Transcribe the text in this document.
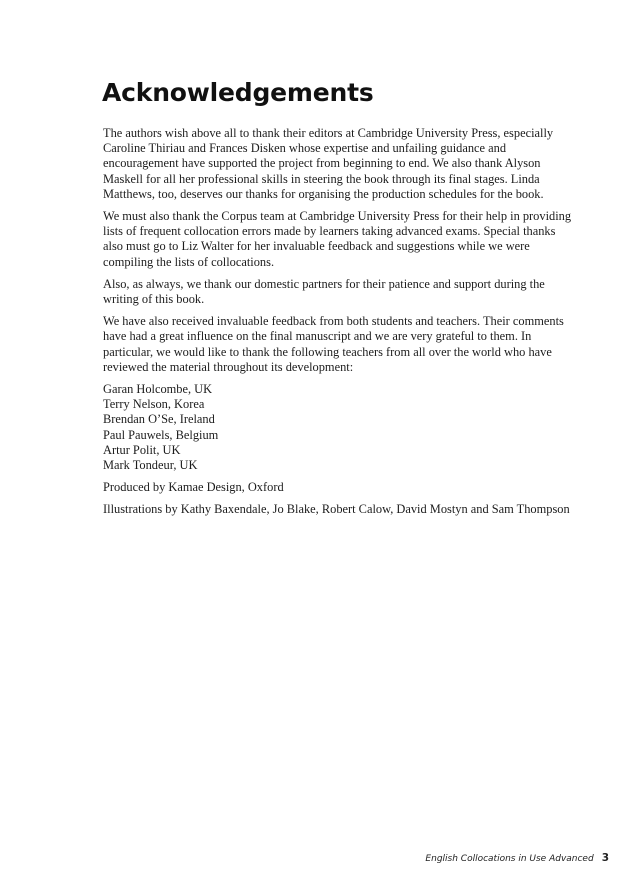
Acknowledgements

The authors wish above all to thank their editors at Cambridge University Press, especially Caroline Thiriau and Frances Disken whose expertise and unfailing guidance and encouragement have supported the project from beginning to end. We also thank Alyson Maskell for all her professional skills in steering the book through its final stages. Linda Matthews, too, deserves our thanks for organising the production schedules for the book.

We must also thank the Corpus team at Cambridge University Press for their help in providing lists of frequent collocation errors made by learners taking advanced exams. Special thanks also must go to Liz Walter for her invaluable feedback and suggestions while we were compiling the lists of collocations.

Also, as always, we thank our domestic partners for their patience and support during the writing of this book.

We have also received invaluable feedback from both students and teachers. Their comments have had a great influence on the final manuscript and we are very grateful to them. In particular, we would like to thank the following teachers from all over the world who have reviewed the material throughout its development:

Garan Holcombe, UK
Terry Nelson, Korea
Brendan O’Se, Ireland
Paul Pauwels, Belgium
Artur Polit, UK
Mark Tondeur, UK

Produced by Kamae Design, Oxford

Illustrations by Kathy Baxendale, Jo Blake, Robert Calow, David Mostyn and Sam Thompson

English Collocations in Use Advanced 3
